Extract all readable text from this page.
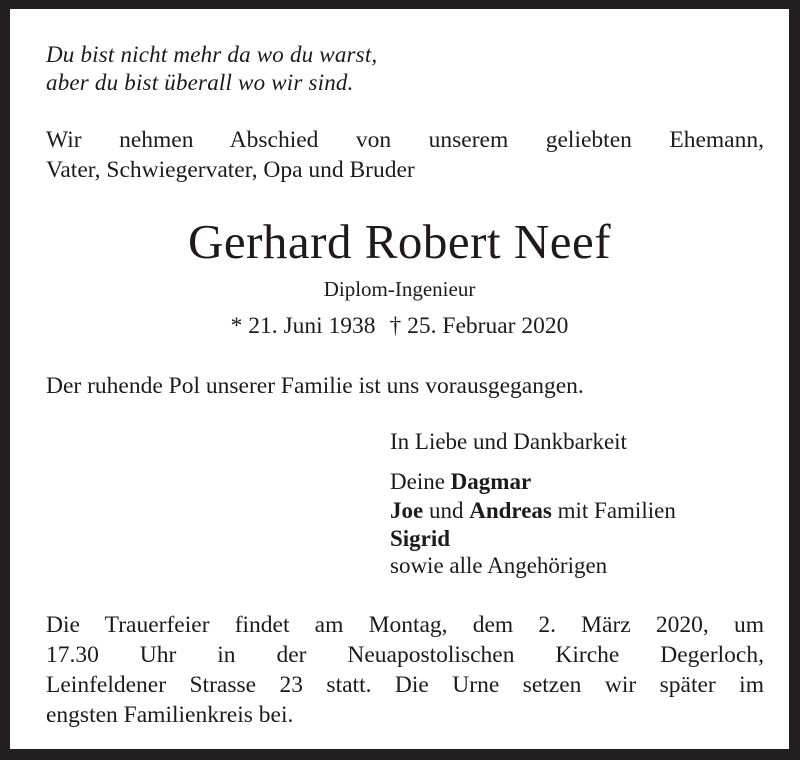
Du bist nicht mehr da wo du warst,
aber du bist überall wo wir sind.
Wir nehmen Abschied von unserem geliebten Ehemann,
Vater, Schwiegervater, Opa und Bruder
Gerhard Robert Neef
Diplom-Ingenieur
* 21. Juni 1938 † 25. Februar 2020
Der ruhende Pol unserer Familie ist uns vorausgegangen.
In Liebe und Dankbarkeit
Deine Dagmar
Joe und Andreas mit Familien
Sigrid
sowie alle Angehörigen
Die Trauerfeier findet am Montag, dem 2. März 2020, um
17.30 Uhr in der Neuapostolischen Kirche Degerloch,
Leinfeldener Strasse 23 statt. Die Urne setzen wir später im
engsten Familienkreis bei.
